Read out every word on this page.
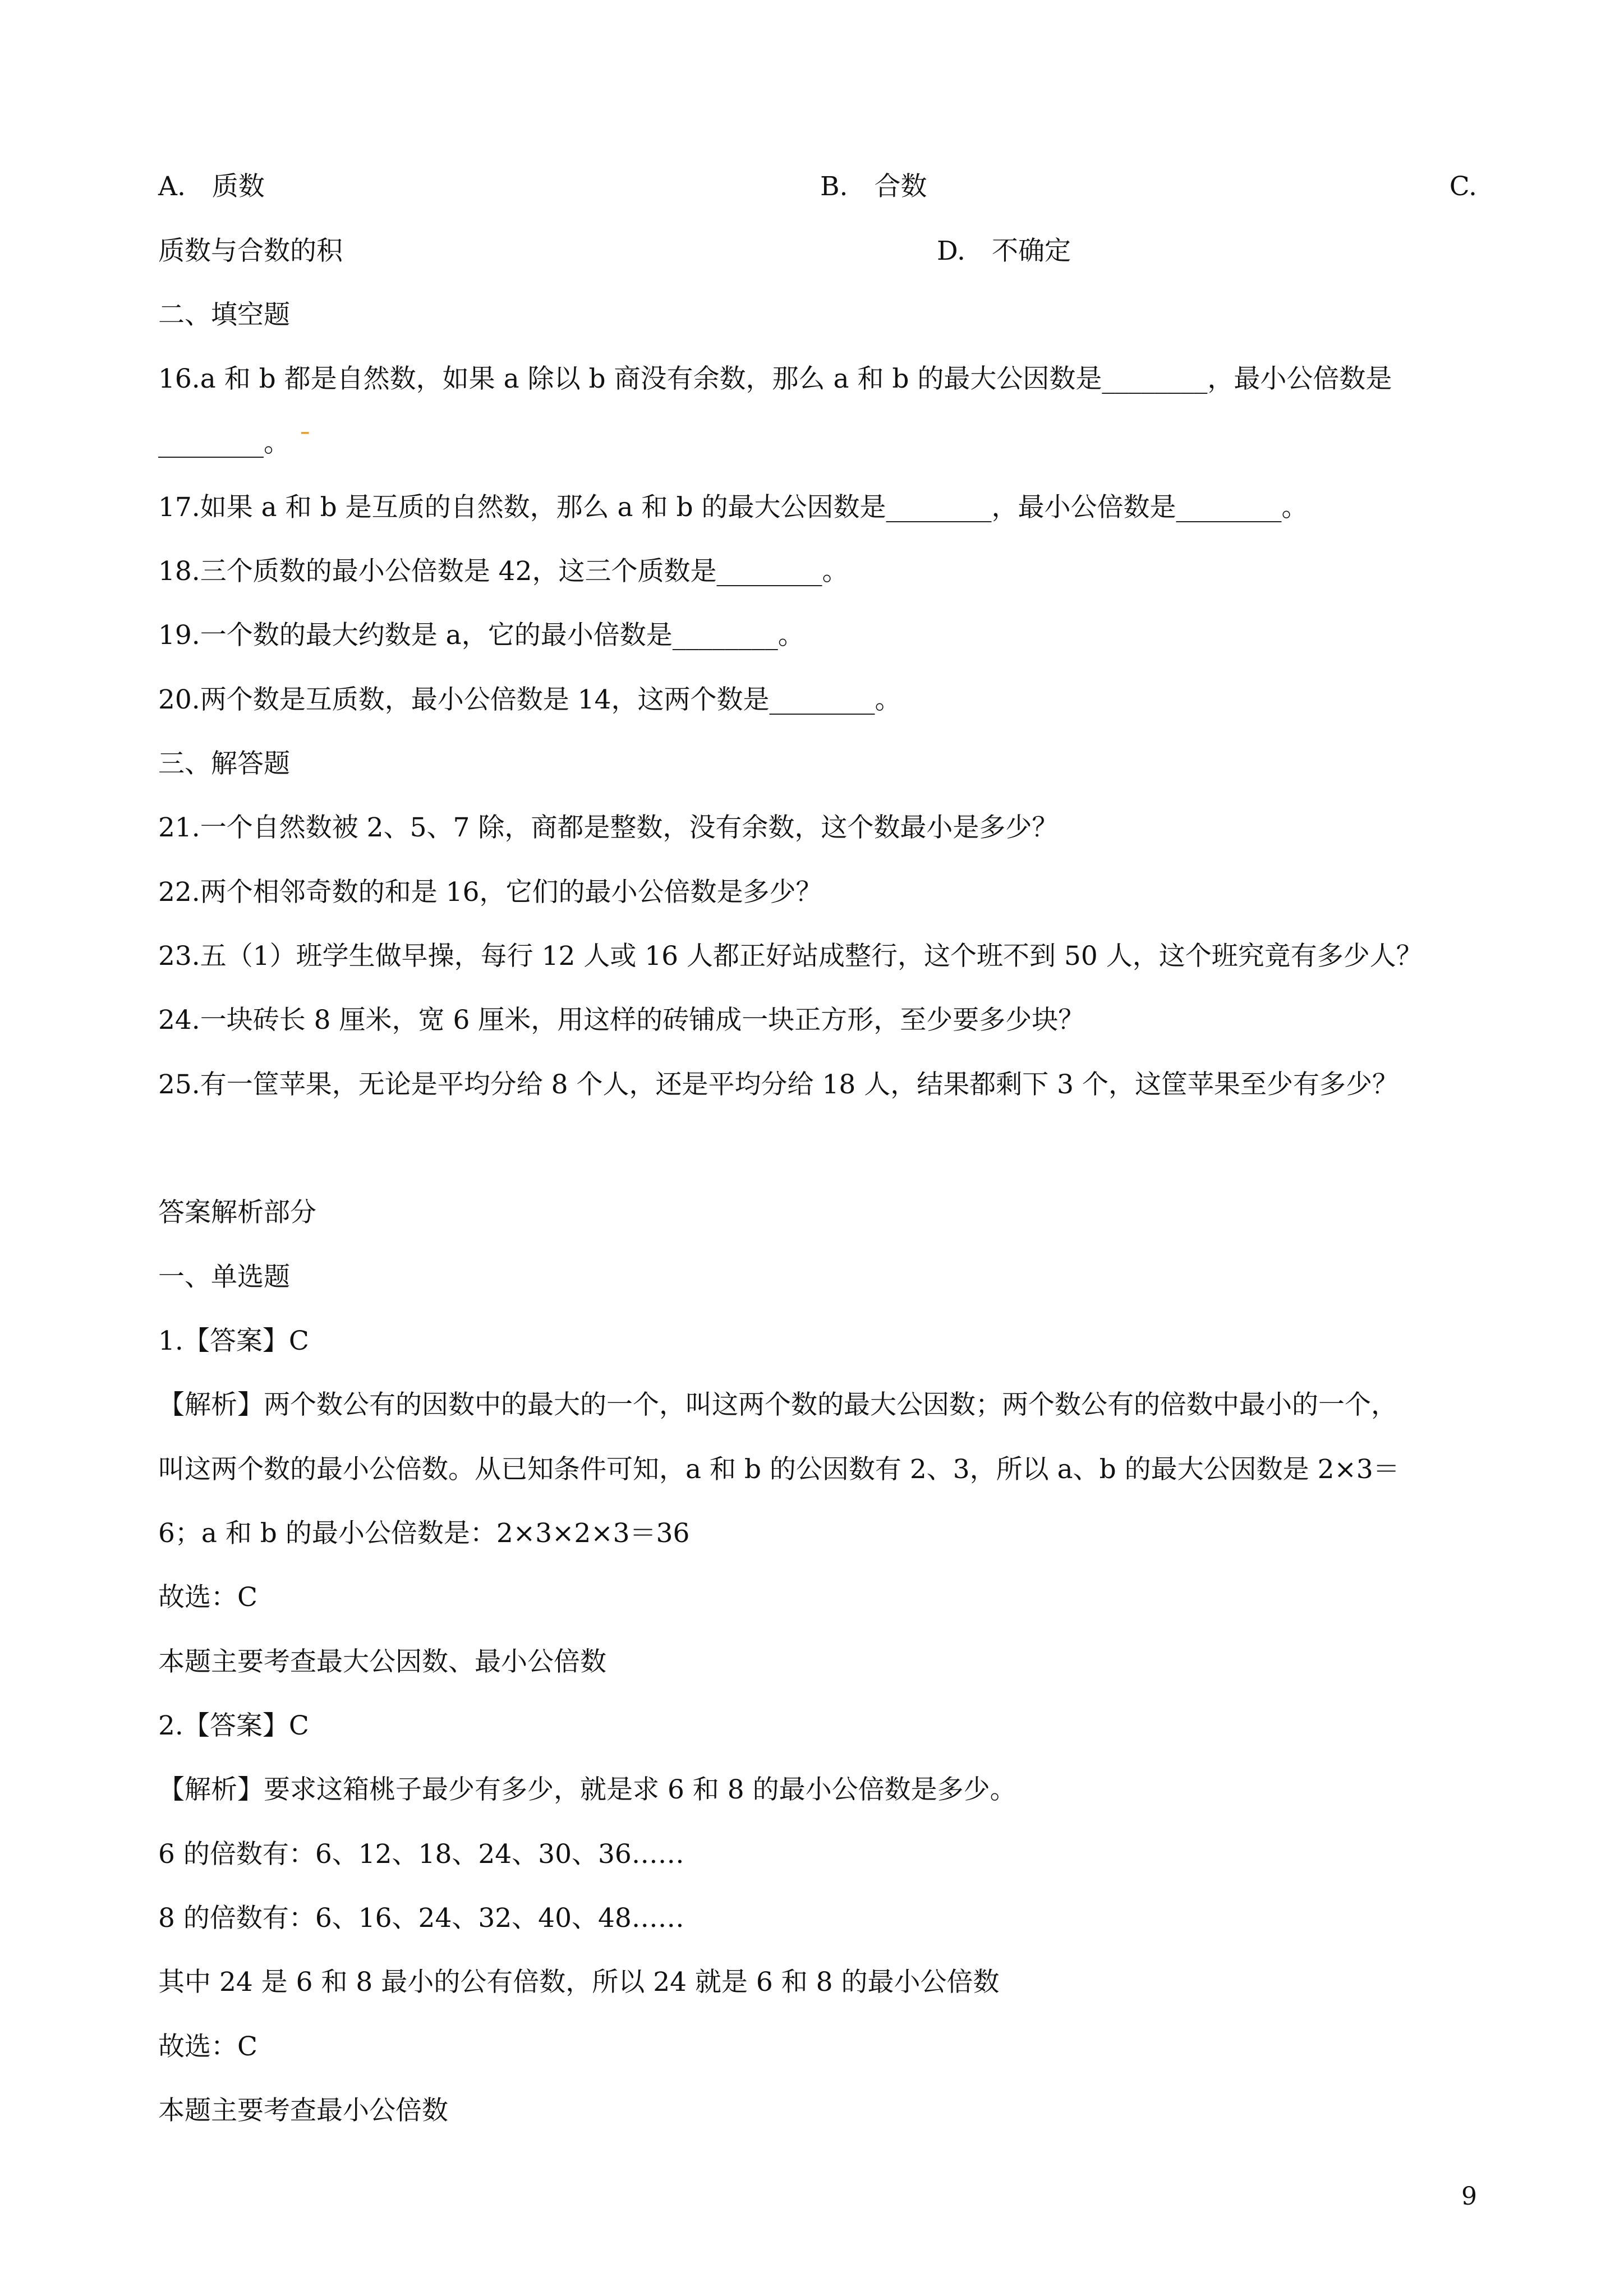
A.　质数	B.　合数	C.
质数与合数的积	D.　不确定
二、填空题
16.a 和 b 都是自然数，如果 a 除以 b 商没有余数，那么 a 和 b 的最大公因数是________，最小公倍数是
________。 ˉ
17.如果 a 和 b 是互质的自然数，那么 a 和 b 的最大公因数是________，最小公倍数是________。
18.三个质数的最小公倍数是 42，这三个质数是________。
19.一个数的最大约数是 a，它的最小倍数是________。
20.两个数是互质数，最小公倍数是 14，这两个数是________。
三、解答题
21.一个自然数被 2、5、7 除，商都是整数，没有余数，这个数最小是多少？
22.两个相邻奇数的和是 16，它们的最小公倍数是多少？
23.五（1）班学生做早操，每行 12 人或 16 人都正好站成整行，这个班不到 50 人，这个班究竟有多少人？
24.一块砖长 8 厘米，宽 6 厘米，用这样的砖铺成一块正方形，至少要多少块？
25.有一筐苹果，无论是平均分给 8 个人，还是平均分给 18 人，结果都剩下 3 个，这筐苹果至少有多少？
答案解析部分
一、单选题
1.【答案】C
【解析】两个数公有的因数中的最大的一个，叫这两个数的最大公因数；两个数公有的倍数中最小的一个，
叫这两个数的最小公倍数。从已知条件可知，a 和 b 的公因数有 2、3，所以 a、b 的最大公因数是 2×3＝
6；a 和 b 的最小公倍数是：2×3×2×3＝36
故选：C
本题主要考查最大公因数、最小公倍数
2.【答案】C
【解析】要求这箱桃子最少有多少，就是求 6 和 8 的最小公倍数是多少。
6 的倍数有：6、12、18、24、30、36……
8 的倍数有：6、16、24、32、40、48……
其中 24 是 6 和 8 最小的公有倍数，所以 24 就是 6 和 8 的最小公倍数
故选：C
本题主要考查最小公倍数
9
